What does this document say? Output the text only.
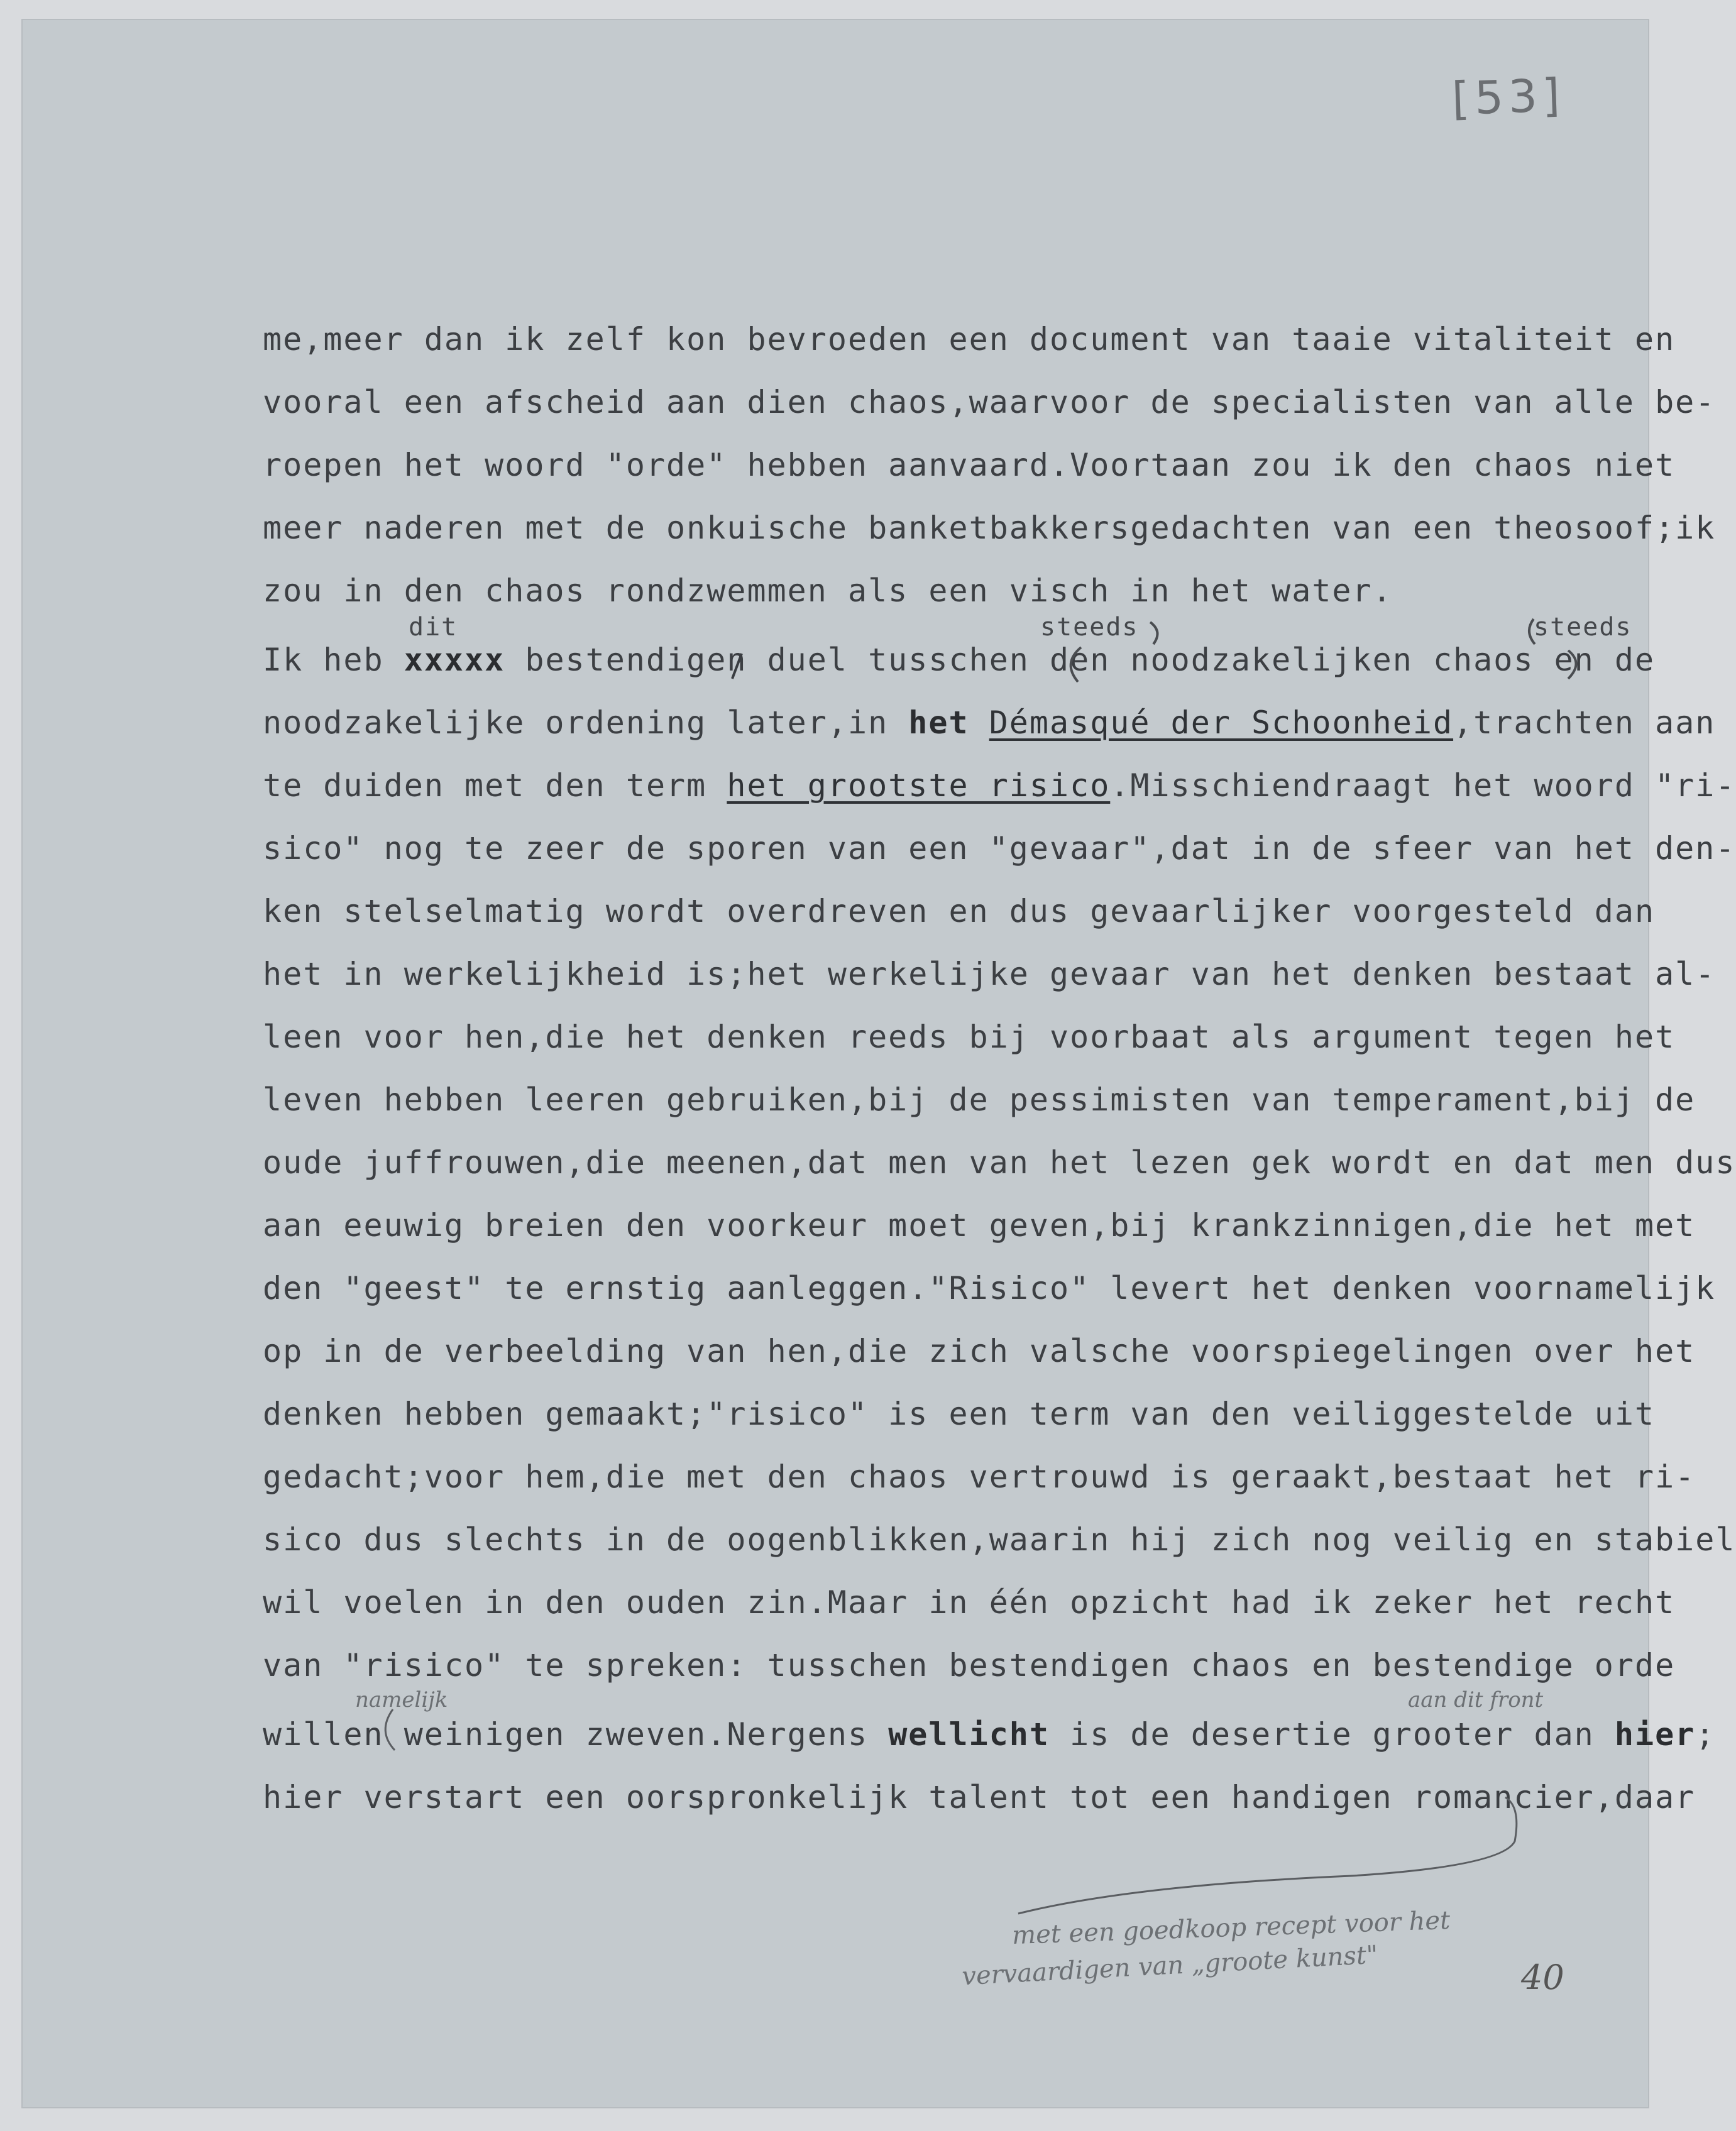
[53]
me,meer dan ik zelf kon bevroeden een document van taaie vitaliteit en
vooral een afscheid aan dien chaos,waarvoor de specialisten van alle be-
roepen het woord "orde" hebben aanvaard.Voortaan zou ik den chaos niet
meer naderen met de onkuische banketbakkersgedachten van een theosoof;ik
zou in den chaos rondzwemmen als een visch in het water.
Ik heb xxxxx bestendigen duel tusschen den noodzakelijken chaos en de
noodzakelijke ordening later,in het Démasqué der Schoonheid,trachten aan
te duiden met den term het grootste risico.Misschiendraagt het woord "ri-
sico" nog te zeer de sporen van een "gevaar",dat in de sfeer van het den-
ken stelselmatig wordt overdreven en dus gevaarlijker voorgesteld dan
het in werkelijkheid is;het werkelijke gevaar van het denken bestaat al-
leen voor hen,die het denken reeds bij voorbaat als argument tegen het
leven hebben leeren gebruiken,bij de pessimisten van temperament,bij de
oude juffrouwen,die meenen,dat men van het lezen gek wordt en dat men dus
aan eeuwig breien den voorkeur moet geven,bij krankzinnigen,die het met
den "geest" te ernstig aanleggen."Risico" levert het denken voornamelijk
op in de verbeelding van hen,die zich valsche voorspiegelingen over het
denken hebben gemaakt;"risico" is een term van den veiliggestelde uit
gedacht;voor hem,die met den chaos vertrouwd is geraakt,bestaat het ri-
sico dus slechts in de oogenblikken,waarin hij zich nog veilig en stabiel
wil voelen in den ouden zin.Maar in één opzicht had ik zeker het recht
van "risico" te spreken: tusschen bestendigen chaos en bestendige orde
willen weinigen zweven.Nergens wellicht is de desertie grooter dan hier;
hier verstart een oorspronkelijk talent tot een handigen romancier,daar
dit	steeds	steeds
namelijk	aan dit front
met een goedkoop recept voor het
vervaardigen van „groote kunst"	40
